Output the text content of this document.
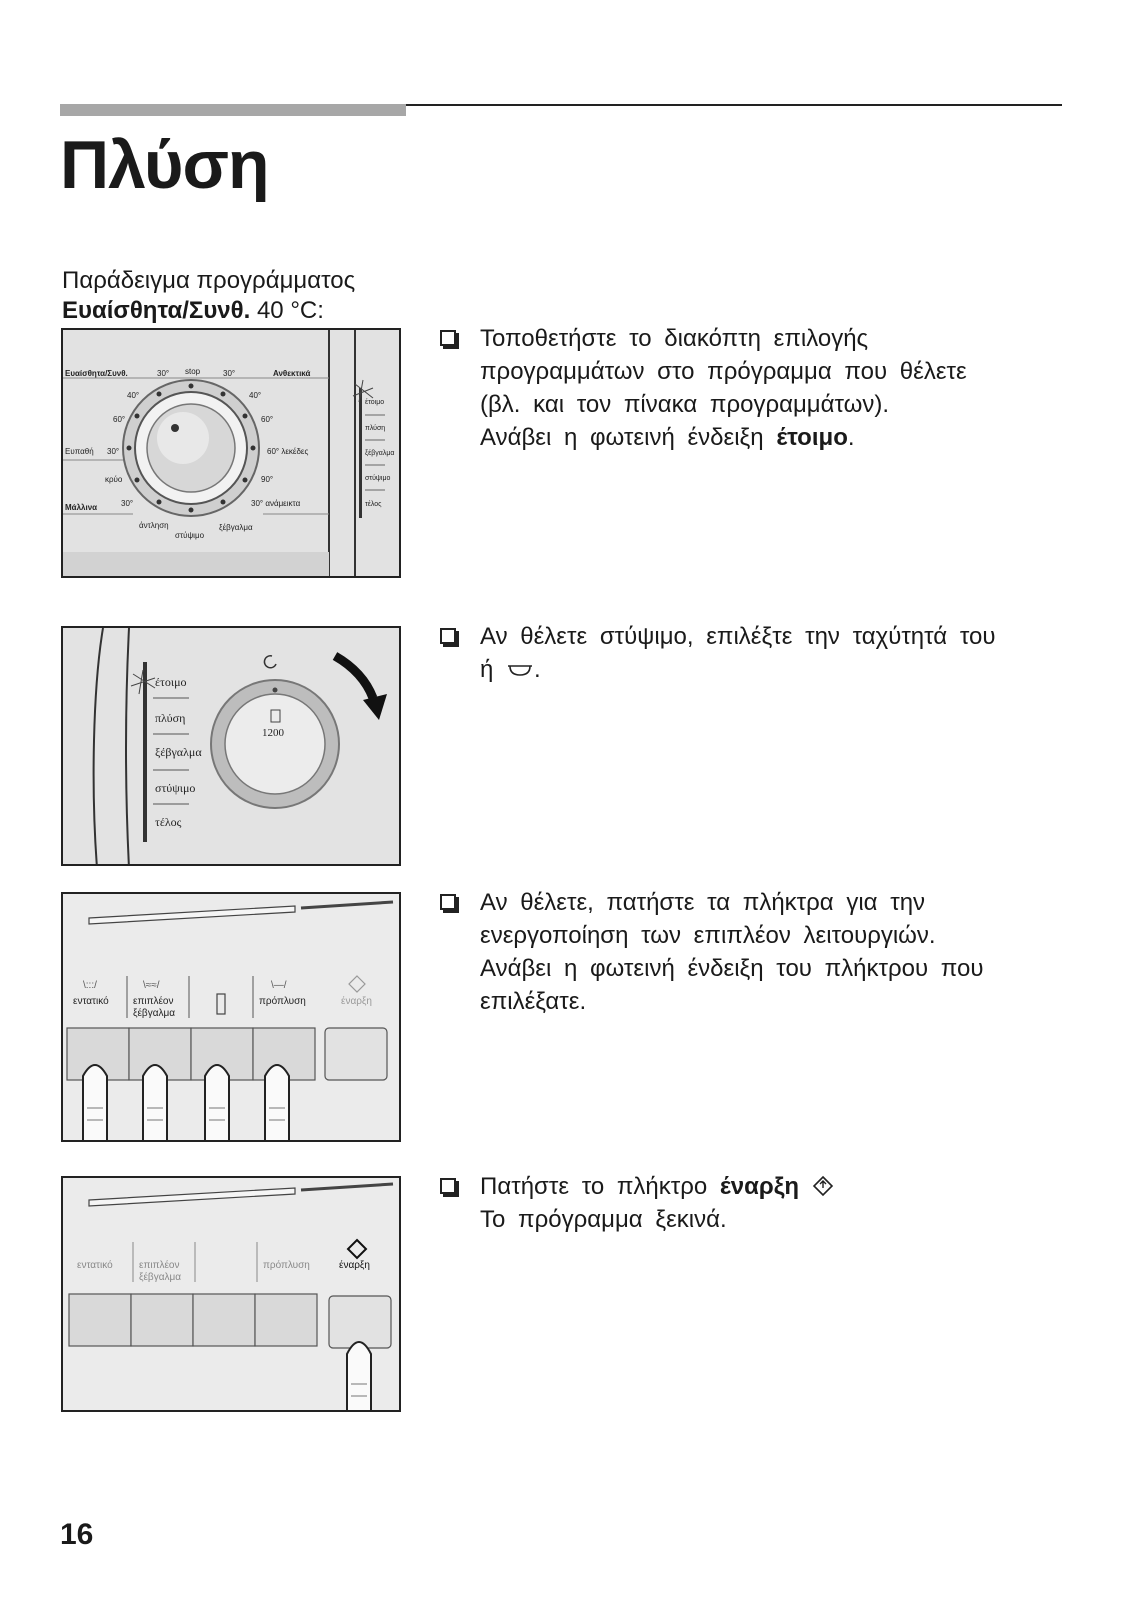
Πλύση
Παράδειγμα προγράμματος
Ευαίσθητα/Συνθ. 40 °C:
Ευαίσθητα/Συνθ.
Ευπαθή
Μάλλινα
Ανθεκτικά
stop
30°
40°
60°
30°
κρύο
30°
30°
40°
60°
60° λεκέδες
90°
30° ανάμεικτα
άντληση
στύψιμο
ξέβγαλμα
έτοιμο
πλύση
ξέβγαλμα
στύψιμο
τέλος
έτοιμο
πλύση
ξέβγαλμα
στύψιμο
τέλος
1200
εντατικό επιπλέον
ξέβγαλμα
πρόπλυση	έναρξη
\:::/	\≈≈/	\—/
εντατικό	επιπλέον
ξέβγαλμα
πρόπλυση	έναρξη
Τοποθετήστε το διακόπτη επιλογής
προγραμμάτων στο πρόγραμμα που θέλετε
(βλ. και τον πίνακα προγραμμάτων).
Ανάβει η φωτεινή ένδειξη έτοιμο.
Αν θέλετε στύψιμο, επιλέξτε την ταχύτητά του
ή .
Αν θέλετε, πατήστε τα πλήκτρα για την
ενεργοποίηση των επιπλέον λειτουργιών.
Ανάβει η φωτεινή ένδειξη του πλήκτρου που
επιλέξατε.
Πατήστε το πλήκτρο έναρξη
Το πρόγραμμα ξεκινά.
16
